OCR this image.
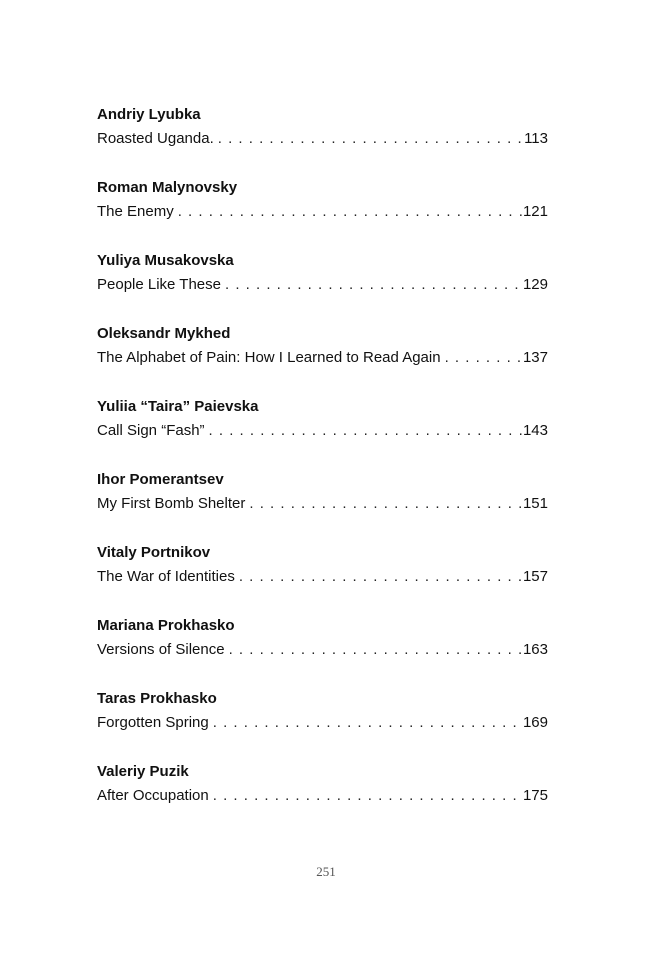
Andriy Lyubka
Roasted Uganda. . . .	113
Roman Malynovsky
The Enemy . . .	121
Yuliya Musakovska
People Like These . . .	129
Oleksandr Mykhed
The Alphabet of Pain: How I Learned to Read Again . . .	137
Yuliia “Taira” Paievska
Call Sign “Fash” . . .	143
Ihor Pomerantsev
My First Bomb Shelter . . .	151
Vitaly Portnikov
The War of Identities . . .	157
Mariana Prokhasko
Versions of Silence . . .	163
Taras Prokhasko
Forgotten Spring . . .	169
Valeriy Puzik
After Occupation . . .	175
251
